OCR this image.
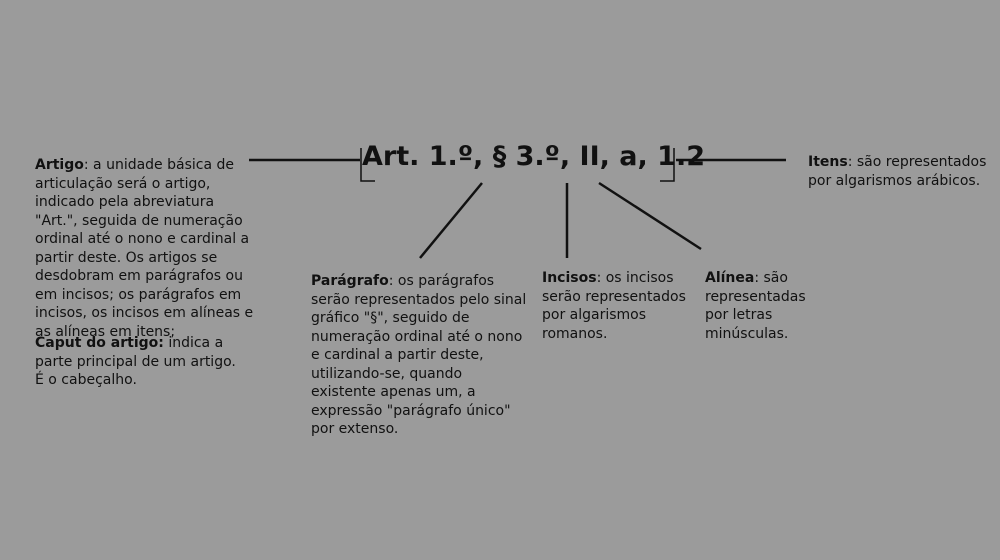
Art. 1.º, § 3.º, II, a, 1.2
Artigo: a unidade básica de articulação será o artigo, indicado pela abreviatura "Art.", seguida de numeração ordinal até o nono e cardinal a partir deste. Os artigos se desdobram em parágrafos ou em incisos; os parágrafos em incisos, os incisos em alíneas e as alíneas em itens;
Caput do artigo: indica a parte principal de um artigo. É o cabeçalho.
Parágrafo: os parágrafos serão representados pelo sinal gráfico "§", seguido de numeração ordinal até o nono e cardinal a partir deste, utilizando-se, quando existente apenas um, a expressão "parágrafo único" por extenso.
Incisos: os incisos serão representados por algarismos romanos.
Alínea: são representadas por letras minúsculas.
Itens: são representados por algarismos arábicos.
